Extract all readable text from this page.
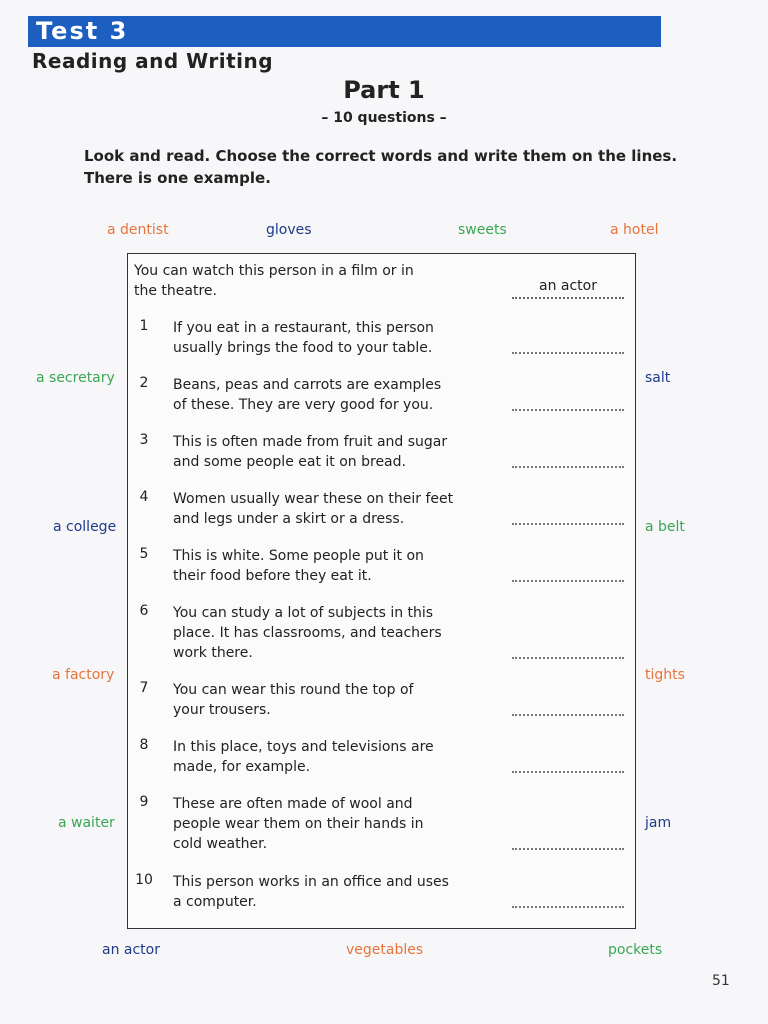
Test 3
Reading and Writing
Part 1
– 10 questions –
Look and read. Choose the correct words and write them on the lines.
There is one example.
a dentist	gloves	sweets	a hotel
a secretary	salt
a college	a belt
a factory	tights
a waiter	jam
an actor	vegetables	pockets
You can watch this person in a film or in
the theatre.	an actor
1	If you eat in a restaurant, this person
usually brings the food to your table.
2	Beans, peas and carrots are examples
of these. They are very good for you.
3	This is often made from fruit and sugar
and some people eat it on bread.
4	Women usually wear these on their feet
and legs under a skirt or a dress.
5	This is white. Some people put it on
their food before they eat it.
6	You can study a lot of subjects in this
place. It has classrooms, and teachers
work there.
7	You can wear this round the top of
your trousers.
8	In this place, toys and televisions are
made, for example.
9	These are often made of wool and
people wear them on their hands in
cold weather.
10 This person works in an office and uses
a computer.
51
